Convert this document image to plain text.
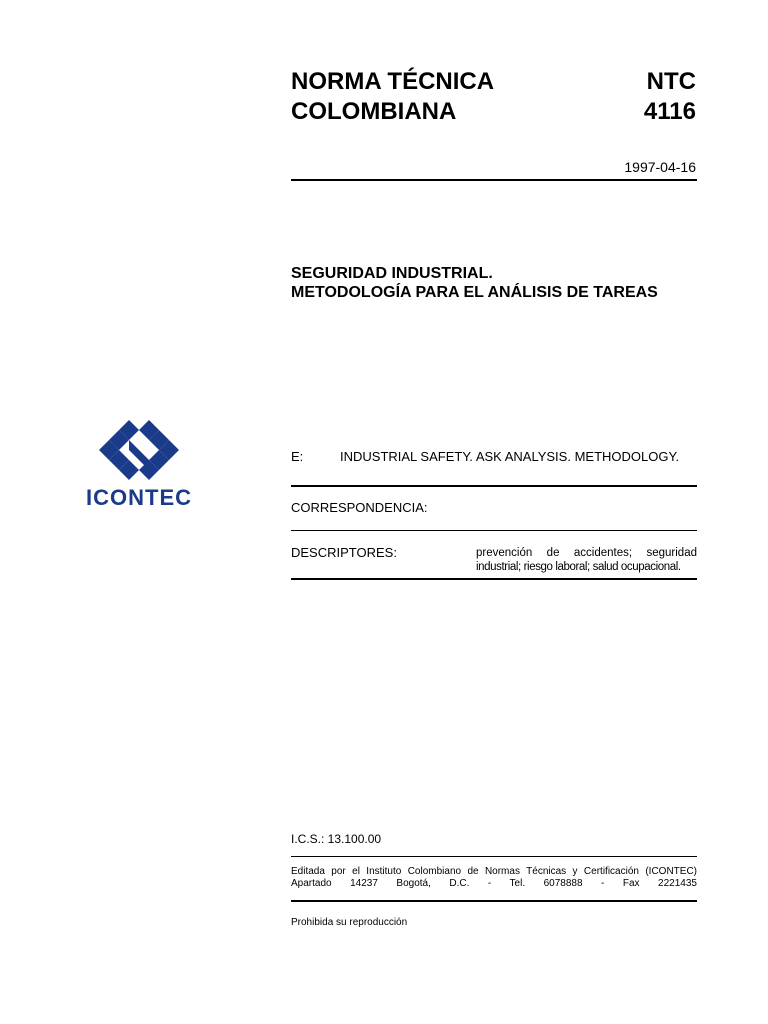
NORMA TÉCNICA
COLOMBIANA
NTC
4116
1997-04-16
SEGURIDAD INDUSTRIAL.
METODOLOGÍA PARA EL ANÁLISIS DE TAREAS
ICONTEC
E:	INDUSTRIAL SAFETY. ASK ANALYSIS. METHODOLOGY.
CORRESPONDENCIA:
DESCRIPTORES:	prevención de accidentes; seguridad
industrial; riesgo laboral; salud ocupacional.
I.C.S.: 13.100.00
Editada por el Instituto Colombiano de Normas Técnicas y Certificación (ICONTEC)
Apartado 14237 Bogotá, D.C. - Tel. 6078888 - Fax 2221435
Prohibida su reproducción
